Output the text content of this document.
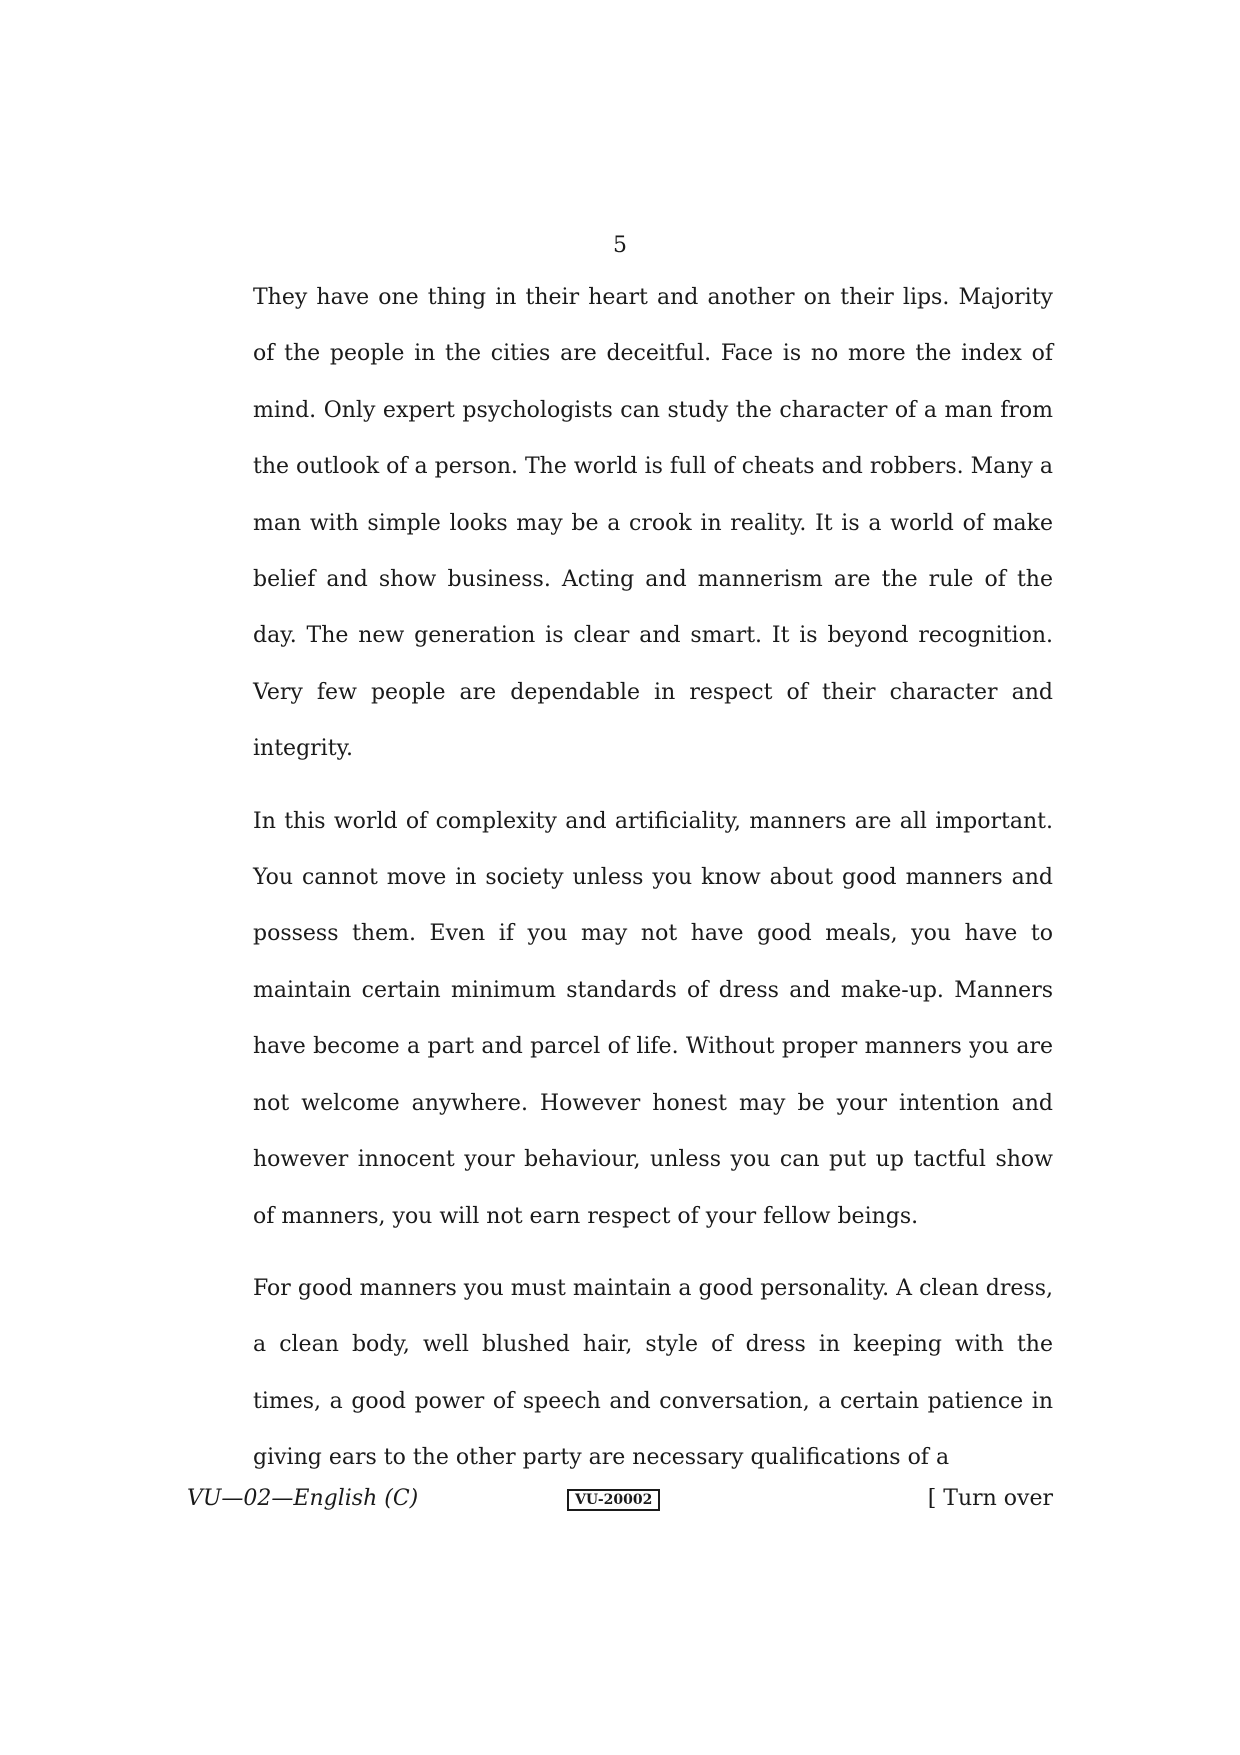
5

They have one thing in their heart and another on their lips. Majority of the people in the cities are deceitful. Face is no more the index of mind. Only expert psychologists can study the character of a man from the outlook of a person. The world is full of cheats and robbers. Many a man with simple looks may be a crook in reality. It is a world of make belief and show business. Acting and mannerism are the rule of the day. The new generation is clear and smart. It is beyond recognition. Very few people are dependable in respect of their character and integrity.

In this world of complexity and artificiality, manners are all important. You cannot move in society unless you know about good manners and possess them. Even if you may not have good meals, you have to maintain certain minimum standards of dress and make-up. Manners have become a part and parcel of life. Without proper manners you are not welcome anywhere. However honest may be your intention and however innocent your behaviour, unless you can put up tactful show of manners, you will not earn respect of your fellow beings.

For good manners you must maintain a good personality. A clean dress, a clean body, well blushed hair, style of dress in keeping with the times, a good power of speech and conversation, a certain patience in giving ears to the other party are necessary qualifications of a

VU—02—English (C)	VU-20002	[ Turn over
